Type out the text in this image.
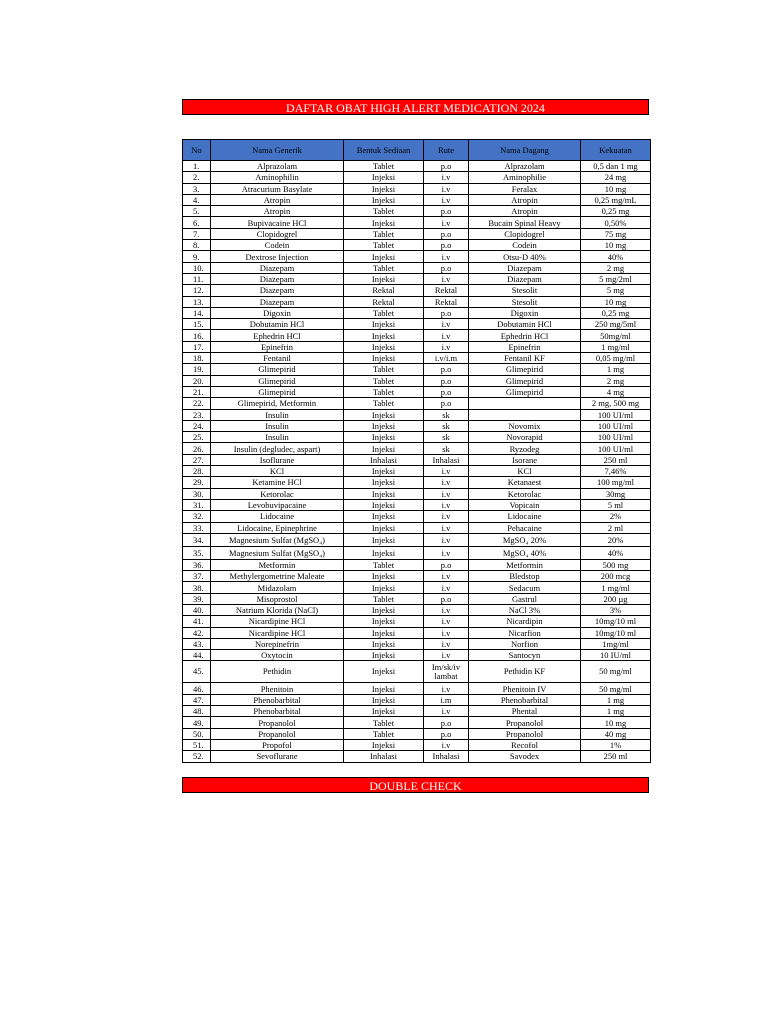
DAFTAR OBAT HIGH ALERT MEDICATION 2024
No	Nama Generik	Bentuk Sediaan	Rute	Nama Dagang	Kekuatan
1.	Alprazolam	Tablet	p.o	Alprazolam	0,5 dan 1 mg
2.	Aminophilin	Injeksi	i.v	Aminophilie	24 mg
3.	Atracurium Basylate	Injeksi	i.v	Feralax	10 mg
4.	Atropin	Injeksi	i.v	Atropin	0,25 mg/mL
5.	Atropin	Tablet	p.o	Atropin	0,25 mg
6.	Bupivacaine HCl	Injeksi	i.v	Bucain Spinal Heavy	0,50%
7.	Clopidogrel	Tablet	p.o	Clopidogrel	75 mg
8.	Codein	Tablet	p.o	Codein	10 mg
9.	Dextrose Injection	Injeksi	i.v	Otsu-D 40%	40%
10.	Diazepam	Tablet	p.o	Diazepam	2 mg
11.	Diazepam	Injeksi	i.v	Diazepam	5 mg/2ml
12.	Diazepam	Rektal	Rektal	Stesolit	5 mg
13.	Diazepam	Rektal	Rektal	Stesolit	10 mg
14.	Digoxin	Tablet	p.o	Digoxin	0,25 mg
15.	Dobutamin HCl	Injeksi	i.v	Dobutamin HCl	250 mg/5ml
16.	Ephedrin HCl	Injeksi	i.v	Ephedrin HCl	50mg/ml
17.	Epinefrin	Injeksi	i.v	Epinefrin	1 mg/ml
18.	Fentanil	Injeksi	i.v/i.m	Fentanil KF	0,05 mg/ml
19.	Glimepirid	Tablet	p.o	Glimepirid	1 mg
20.	Glimepirid	Tablet	p.o	Glimepirid	2 mg
21.	Glimepirid	Tablet	p.o	Glimepirid	4 mg
22.	Glimepirid, Metformin	Tablet	p.o		2 mg, 500 mg
23.	Insulin	Injeksi	sk		100 UI/ml
24.	Insulin	Injeksi	sk	Novomix	100 UI/ml
25.	Insulin	Injeksi	sk	Novorapid	100 UI/ml
26.	Insulin (degludec, aspart)	Injeksi	sk	Ryzodeg	100 UI/ml
27.	Isoflurane	Inhalasi	Inhalasi	Isorane	250 ml
28.	KCl	Injeksi	i.v	KCl	7,46%
29.	Ketamine HCl	Injeksi	i.v	Ketanaest	100 mg/ml
30.	Ketorolac	Injeksi	i.v	Ketorolac	30mg
31.	Levobuvipacaine	Injeksi	i.v	Vopicain	5 ml
32.	Lidocaine	Injeksi	i.v	Lidocaine	2%
33.	Lidocaine, Epinephrine	Injeksi	i.v	Pehacaine	2 ml
34.	Magnesium Sulfat (MgSO₄)	Injeksi	i.v	MgSO₄ 20%	20%
35.	Magnesium Sulfat (MgSO₄)	Injeksi	i.v	MgSO₄ 40%	40%
36.	Metformin	Tablet	p.o	Metformin	500 mg
37.	Methylergometrine Maleate	Injeksi	i.v	Bledstop	200 mcg
38.	Midazolam	Injeksi	i.v	Sedacum	1 mg/ml
39.	Misoprostol	Tablet	p.o	Gastrul	200 µg
40.	Natrium Klorida (NaCl)	Injeksi	i.v	NaCl 3%	3%
41.	Nicardipine HCl	Injeksi	i.v	Nicardipin	10mg/10 ml
42.	Nicardipine HCl	Injeksi	i.v	Nicarfion	10mg/10 ml
43.	Norepinefrin	Injeksi	i.v	Norfion	1mg/ml
44.	Oxytocin	Injeksi	i.v	Santocyn	10 IU/ml
45.	Pethidin	Injeksi	Im/sk/iv lambat	Pethidin KF	50 mg/ml
46.	Phenitoin	Injeksi	i.v	Phenitoin IV	50 mg/ml
47.	Phenobarbital	Injeksi	i.m	Phenobarbital	1 mg
48.	Phenobarbital	Injeksi	i.v	Phental	1 mg
49.	Propanolol	Tablet	p.o	Propanolol	10 mg
50.	Propanolol	Tablet	p.o	Propanolol	40 mg
51.	Propofol	Injeksi	i.v	Recofol	1%
52.	Sevoflurane	Inhalasi	Inhalasi	Savodex	250 ml
DOUBLE CHECK
